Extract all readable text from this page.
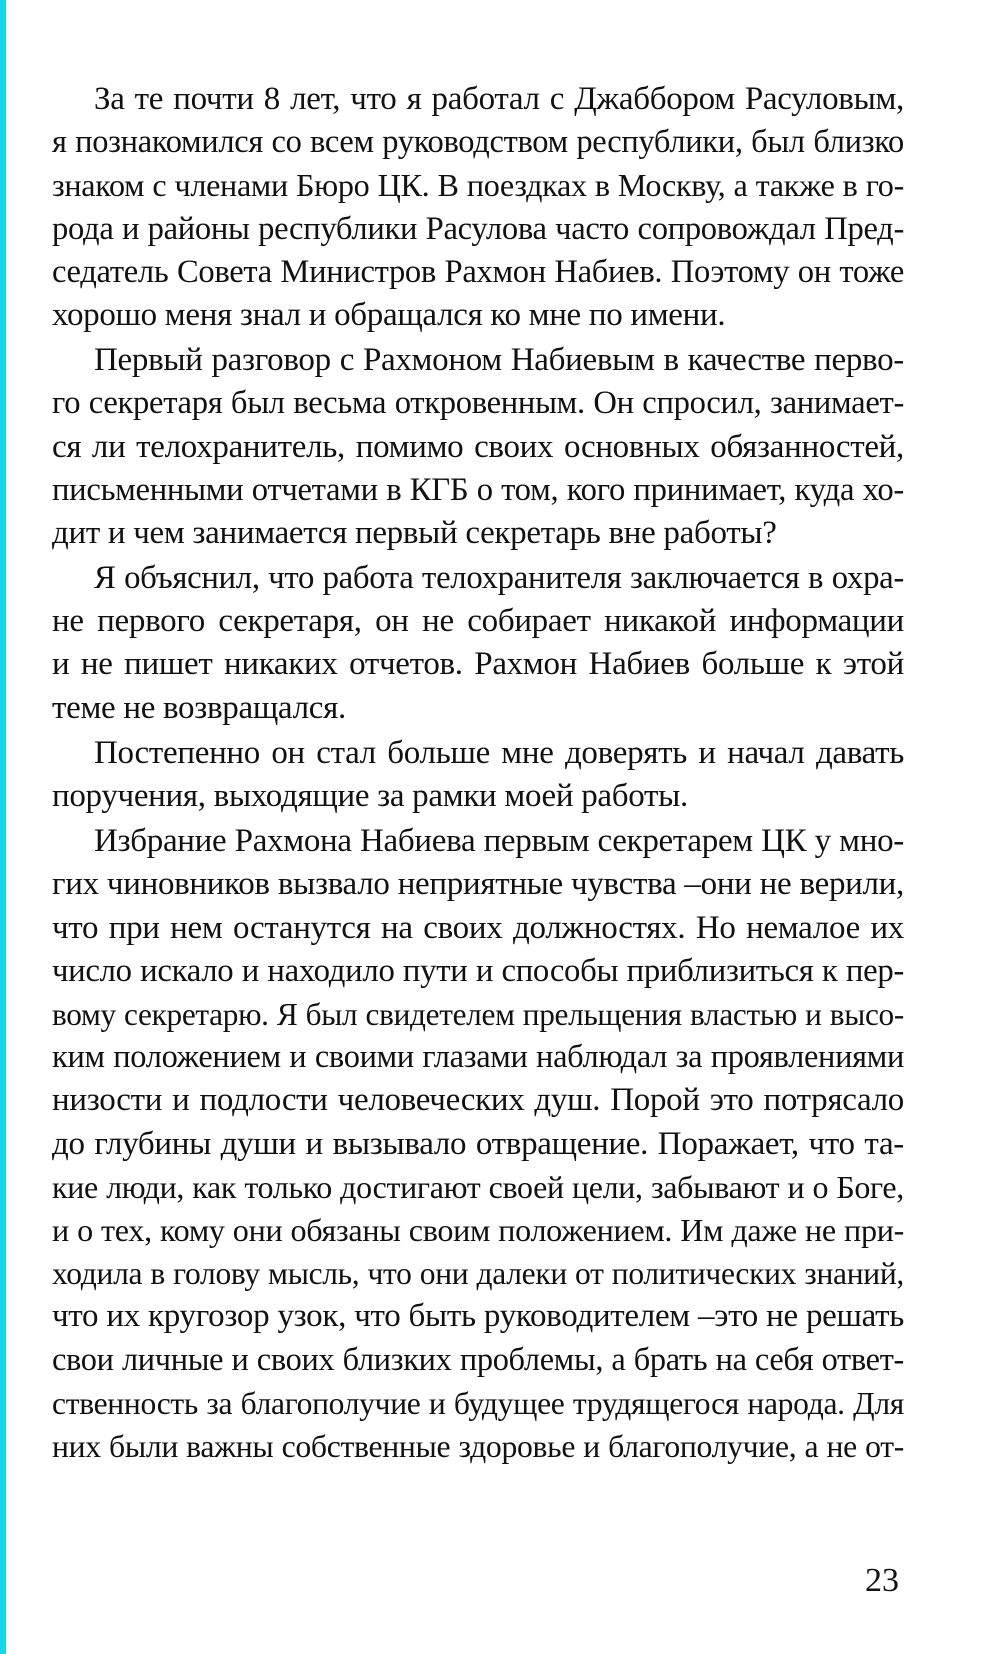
За те почти 8 лет, что я работал с Джаббором Расуловым,
я познакомился со всем руководством республики, был близко
знаком с членами Бюро ЦК. В поездках в Москву, а также в го-
рода и районы республики Расулова часто сопровождал Пред-
седатель Совета Министров Рахмон Набиев. Поэтому он тоже
хорошо меня знал и обращался ко мне по имени.
Первый разговор с Рахмоном Набиевым в качестве перво-
го секретаря был весьма откровенным. Он спросил, занимает-
ся ли телохранитель, помимо своих основных обязанностей,
письменными отчетами в КГБ о том, кого принимает, куда хо-
дит и чем занимается первый секретарь вне работы?
Я объяснил, что работа телохранителя заключается в охра-
не первого секретаря, он не собирает никакой информации
и не пишет никаких отчетов. Рахмон Набиев больше к этой
теме не возвращался.
Постепенно он стал больше мне доверять и начал давать
поручения, выходящие за рамки моей работы.
Избрание Рахмона Набиева первым секретарем ЦК у мно-
гих чиновников вызвало неприятные чувства –они не верили,
что при нем останутся на своих должностях. Но немалое их
число искало и находило пути и способы приблизиться к пер-
вому секретарю. Я был свидетелем прельщения властью и высо-
ким положением и своими глазами наблюдал за проявлениями
низости и подлости человеческих душ. Порой это потрясало
до глубины души и вызывало отвращение. Поражает, что та-
кие люди, как только достигают своей цели, забывают и о Боге,
и о тех, кому они обязаны своим положением. Им даже не при-
ходила в голову мысль, что они далеки от политических знаний,
что их кругозор узок, что быть руководителем –это не решать
свои личные и своих близких проблемы, а брать на себя ответ-
ственность за благополучие и будущее трудящегося народа. Для
них были важны собственные здоровье и благополучие, а не от-
23
